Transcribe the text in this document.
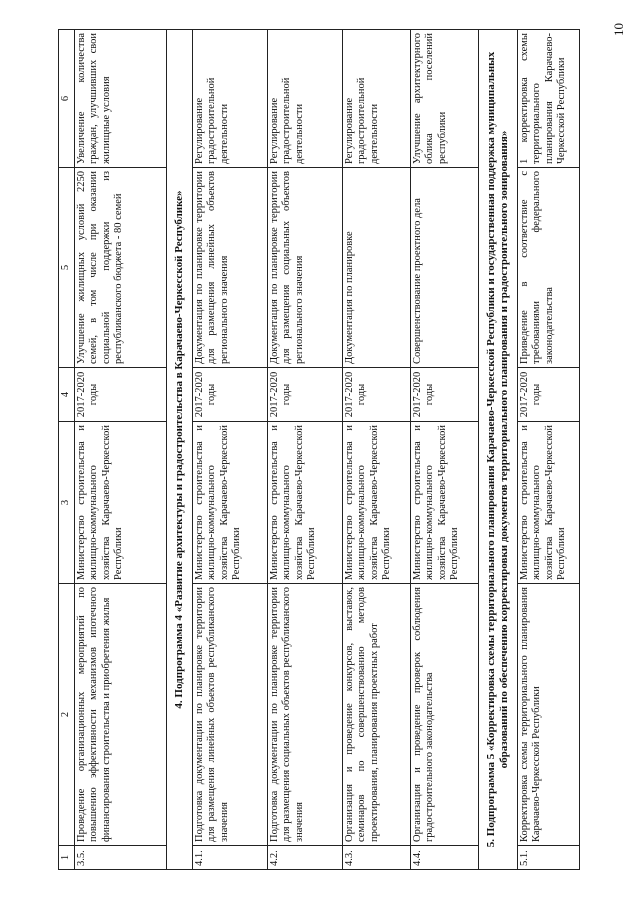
10
1	2	3	4	5	6
3.5.	Проведение организационных мероприятий по повышению эффективности механизмов ипотечного финансирования строительства и приобретения жилья	Министерство строительства и жилищно-коммунального хозяйства Карачаево-Черкесской Республики	2017-2020 годы	Улучшение жилищных условий 2250 семей, в том числе при оказании социальной поддержки из республиканского бюджета - 80 семей	Увеличение количества граждан, улучшивших свои жилищные условия
4. Подпрограмма 4 «Развитие архитектуры и градостроительства в Карачаево-Черкесской Республике»					
4.1.	Подготовка документации по планировке территории для размещения линейных объектов республиканского значения	Министерство строительства и жилищно-коммунального хозяйства Карачаево-Черкесской Республики	2017-2020 годы	Документация по планировке территории для размещения линейных объектов регионального значения	Регулирование градостроительной деятельности
4.2.	Подготовка документации по планировке территории для размещения социальных объектов республиканского значения	Министерство строительства и жилищно-коммунального хозяйства Карачаево-Черкесской Республики	2017-2020 годы	Документация по планировке территории для размещения социальных объектов регионального значения	Регулирование градостроительной деятельности
4.3.	Организация и проведение конкурсов, выставок, семинаров по совершенствованию методов проектирования, планирования проектных работ	Министерство строительства и жилищно-коммунального хозяйства Карачаево-Черкесской Республики	2017-2020 годы	Документация по планировке	Регулирование градостроительной деятельности
4.4.	Организация и проведение проверок соблюдения градостроительного законодательства	Министерство строительства и жилищно-коммунального хозяйства Карачаево-Черкесской Республики	2017-2020 годы	Совершенствование проектного дела	Улучшение архитектурного облика поселений республики
5. Подпрограмма 5 «Корректировка схемы территориального планирования Карачаево-Черкесской Республики и государственная поддержка муниципальных образований по обеспечению корректировки документов территориального планирования и градостроительного зонирования»					
5.1.	Корректировка схемы территориального планирования Карачаево-Черкесской Республики	Министерство строительства и жилищно-коммунального хозяйства Карачаево-Черкесской Республики	2017-2020 годы	Приведение в соответствие с требованиями федерального законодательства	1 корректировка схемы территориального планирования Карачаево-Черкесской Республики
